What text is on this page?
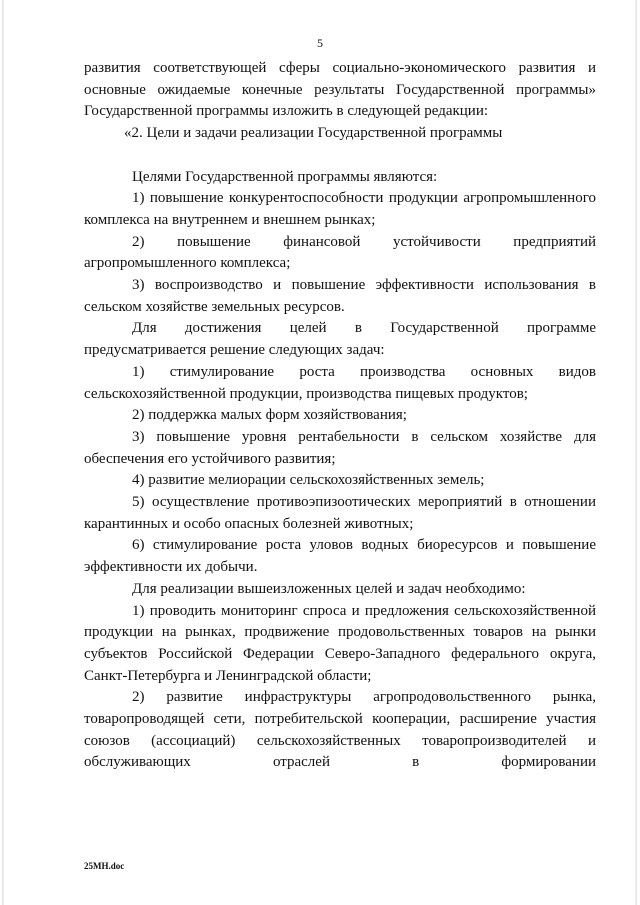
5

развития соответствующей сферы социально-экономического развития и основные ожидаемые конечные результаты Государственной программы» Государственной программы изложить в следующей редакции:

«2. Цели и задачи реализации Государственной программы

Целями Государственной программы являются:

1) повышение конкурентоспособности продукции агропромышленного комплекса на внутреннем и внешнем рынках;

2) повышение финансовой устойчивости предприятий агропромышленного комплекса;

3) воспроизводство и повышение эффективности использования в сельском хозяйстве земельных ресурсов.

Для достижения целей в Государственной программе предусматривается решение следующих задач:

1) стимулирование роста производства основных видов сельскохозяйственной продукции, производства пищевых продуктов;

2) поддержка малых форм хозяйствования;

3) повышение уровня рентабельности в сельском хозяйстве для обеспечения его устойчивого развития;

4) развитие мелиорации сельскохозяйственных земель;

5) осуществление противоэпизоотических мероприятий в отношении карантинных и особо опасных болезней животных;

6) стимулирование роста уловов водных биоресурсов и повышение эффективности их добычи.

Для реализации вышеизложенных целей и задач необходимо:

1) проводить мониторинг спроса и предложения сельскохозяйственной продукции на рынках, продвижение продовольственных товаров на рынки субъектов Российской Федерации Северо-Западного федерального округа, Санкт-Петербурга и Ленинградской области;

2) развитие инфраструктуры агропродовольственного рынка, товаропроводящей сети, потребительской кооперации, расширение участия союзов (ассоциаций) сельскохозяйственных товаропроизводителей и обслуживающих отраслей в формировании

25МН.doc
